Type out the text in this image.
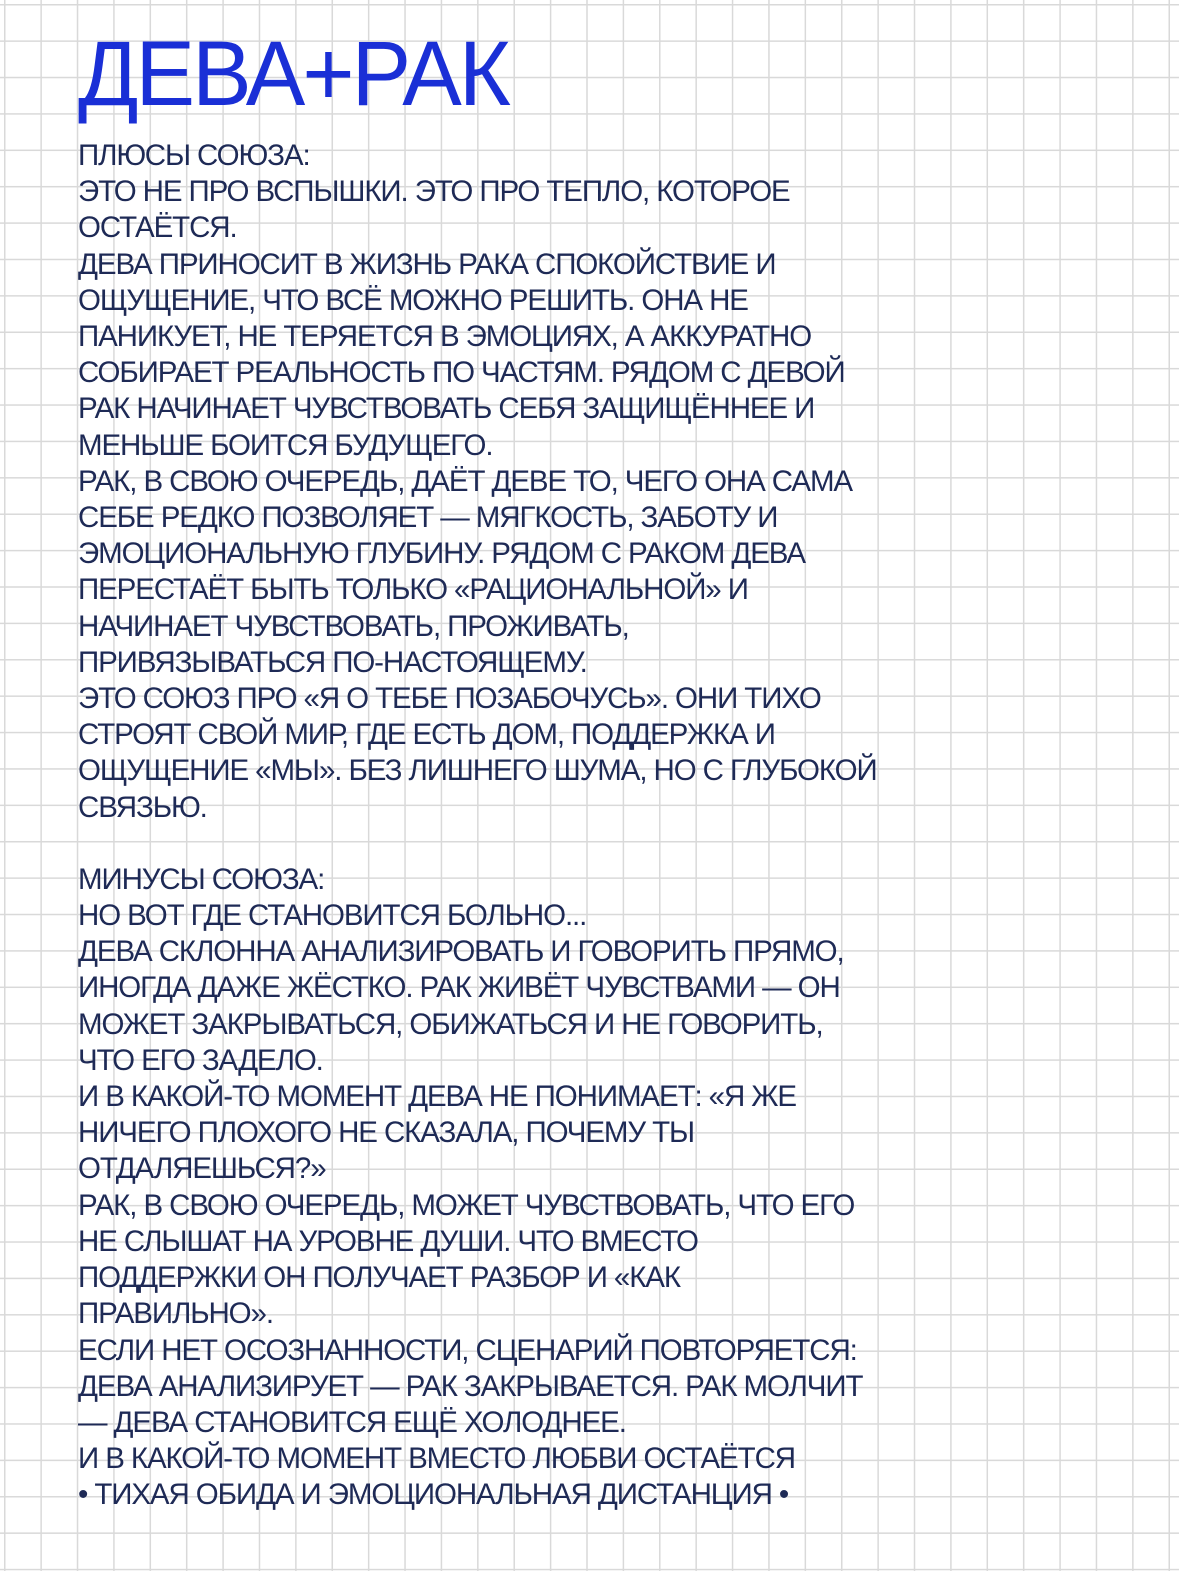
ДЕВА+РАК

ПЛЮСЫ СОЮЗА:

ЭТО НЕ ПРО ВСПЫШКИ. ЭТО ПРО ТЕПЛО, КОТОРОЕ

ОСТАЁТСЯ.

ДЕВА ПРИНОСИТ В ЖИЗНЬ РАКА СПОКОЙСТВИЕ И

ОЩУЩЕНИЕ, ЧТО ВСЁ МОЖНО РЕШИТЬ. ОНА НЕ

ПАНИКУЕТ, НЕ ТЕРЯЕТСЯ В ЭМОЦИЯХ, А АККУРАТНО

СОБИРАЕТ РЕАЛЬНОСТЬ ПО ЧАСТЯМ. РЯДОМ С ДЕВОЙ

РАК НАЧИНАЕТ ЧУВСТВОВАТЬ СЕБЯ ЗАЩИЩЁННЕЕ И

МЕНЬШЕ БОИТСЯ БУДУЩЕГО.

РАК, В СВОЮ ОЧЕРЕДЬ, ДАЁТ ДЕВЕ ТО, ЧЕГО ОНА САМА

СЕБЕ РЕДКО ПОЗВОЛЯЕТ — МЯГКОСТЬ, ЗАБОТУ И

ЭМОЦИОНАЛЬНУЮ ГЛУБИНУ. РЯДОМ С РАКОМ ДЕВА

ПЕРЕСТАЁТ БЫТЬ ТОЛЬКО «РАЦИОНАЛЬНОЙ» И

НАЧИНАЕТ ЧУВСТВОВАТЬ, ПРОЖИВАТЬ,

ПРИВЯЗЫВАТЬСЯ ПО-НАСТОЯЩЕМУ.

ЭТО СОЮЗ ПРО «Я О ТЕБЕ ПОЗАБОЧУСЬ». ОНИ ТИХО

СТРОЯТ СВОЙ МИР, ГДЕ ЕСТЬ ДОМ, ПОДДЕРЖКА И

ОЩУЩЕНИЕ «МЫ». БЕЗ ЛИШНЕГО ШУМА, НО С ГЛУБОКОЙ

СВЯЗЬЮ.

МИНУСЫ СОЮЗА:

НО ВОТ ГДЕ СТАНОВИТСЯ БОЛЬНО...

ДЕВА СКЛОННА АНАЛИЗИРОВАТЬ И ГОВОРИТЬ ПРЯМО,

ИНОГДА ДАЖЕ ЖЁСТКО. РАК ЖИВЁТ ЧУВСТВАМИ — ОН

МОЖЕТ ЗАКРЫВАТЬСЯ, ОБИЖАТЬСЯ И НЕ ГОВОРИТЬ,

ЧТО ЕГО ЗАДЕЛО.

И В КАКОЙ-ТО МОМЕНТ ДЕВА НЕ ПОНИМАЕТ: «Я ЖЕ

НИЧЕГО ПЛОХОГО НЕ СКАЗАЛА, ПОЧЕМУ ТЫ

ОТДАЛЯЕШЬСЯ?»

РАК, В СВОЮ ОЧЕРЕДЬ, МОЖЕТ ЧУВСТВОВАТЬ, ЧТО ЕГО

НЕ СЛЫШАТ НА УРОВНЕ ДУШИ. ЧТО ВМЕСТО

ПОДДЕРЖКИ ОН ПОЛУЧАЕТ РАЗБОР И «КАК

ПРАВИЛЬНО».

ЕСЛИ НЕТ ОСОЗНАННОСТИ, СЦЕНАРИЙ ПОВТОРЯЕТСЯ:

ДЕВА АНАЛИЗИРУЕТ — РАК ЗАКРЫВАЕТСЯ. РАК МОЛЧИТ

— ДЕВА СТАНОВИТСЯ ЕЩЁ ХОЛОДНЕЕ.

И В КАКОЙ-ТО МОМЕНТ ВМЕСТО ЛЮБВИ ОСТАЁТСЯ

• ТИХАЯ ОБИДА И ЭМОЦИОНАЛЬНАЯ ДИСТАНЦИЯ •
